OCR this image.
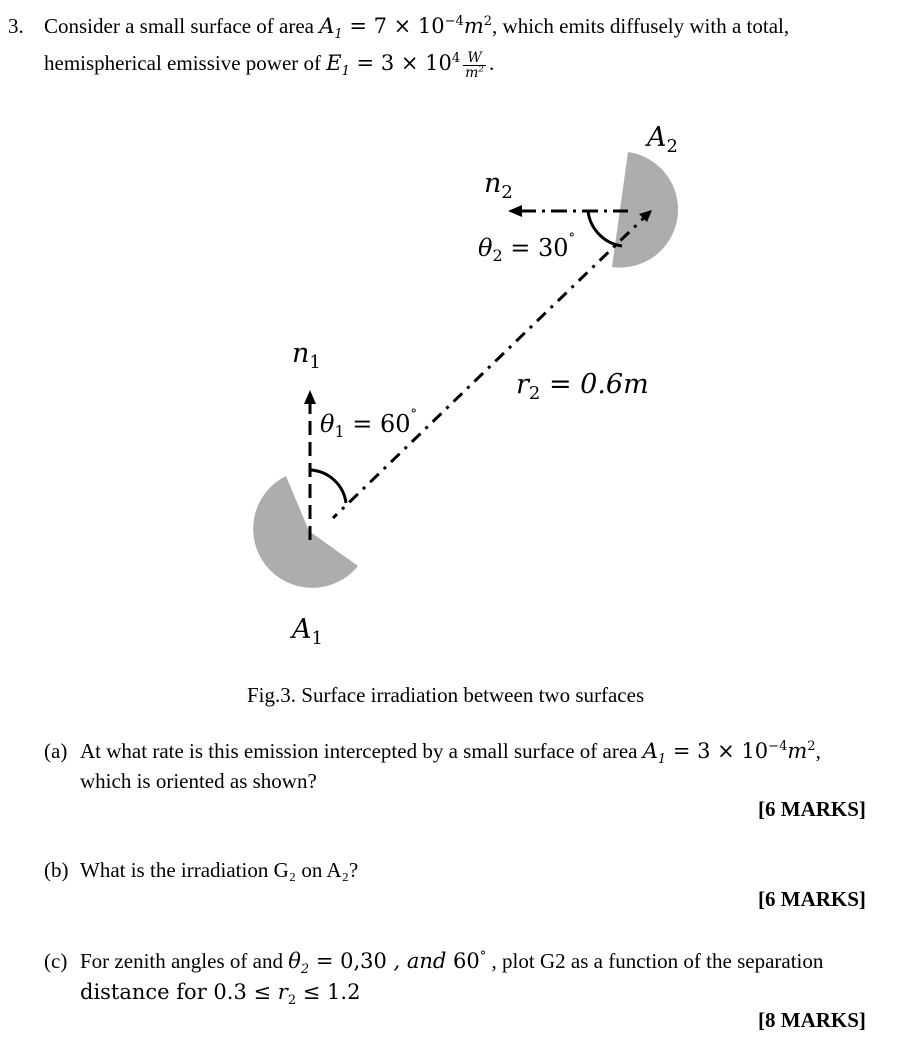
3. Consider a small surface of area $A_1 = 7 \times 10^{-4}m^2$, which emits diffusely with a total,
hemispherical emissive power of $E_1 = 3 \times 10^4 \frac{W}{m^2}$ .
$A_2$
$n_2$
$\theta_2 = 30^\circ$
$r_2 = 0.6m$
$n_1$
$\theta_1 = 60^\circ$
$A_1$
Fig.3. Surface irradiation between two surfaces
(a) At what rate is this emission intercepted by a small surface of area $A_1 = 3 \times 10^{-4}m^2$,
which is oriented as shown?
[6 MARKS]
(b) What is the irradiation G₂ on A₂?
[6 MARKS]
(c) For zenith angles of and $\theta_2 = 0,30$ , and 60° , plot G2 as a function of the separation
distance for $0.3 \le r_2 \le 1.2$
[8 MARKS]
